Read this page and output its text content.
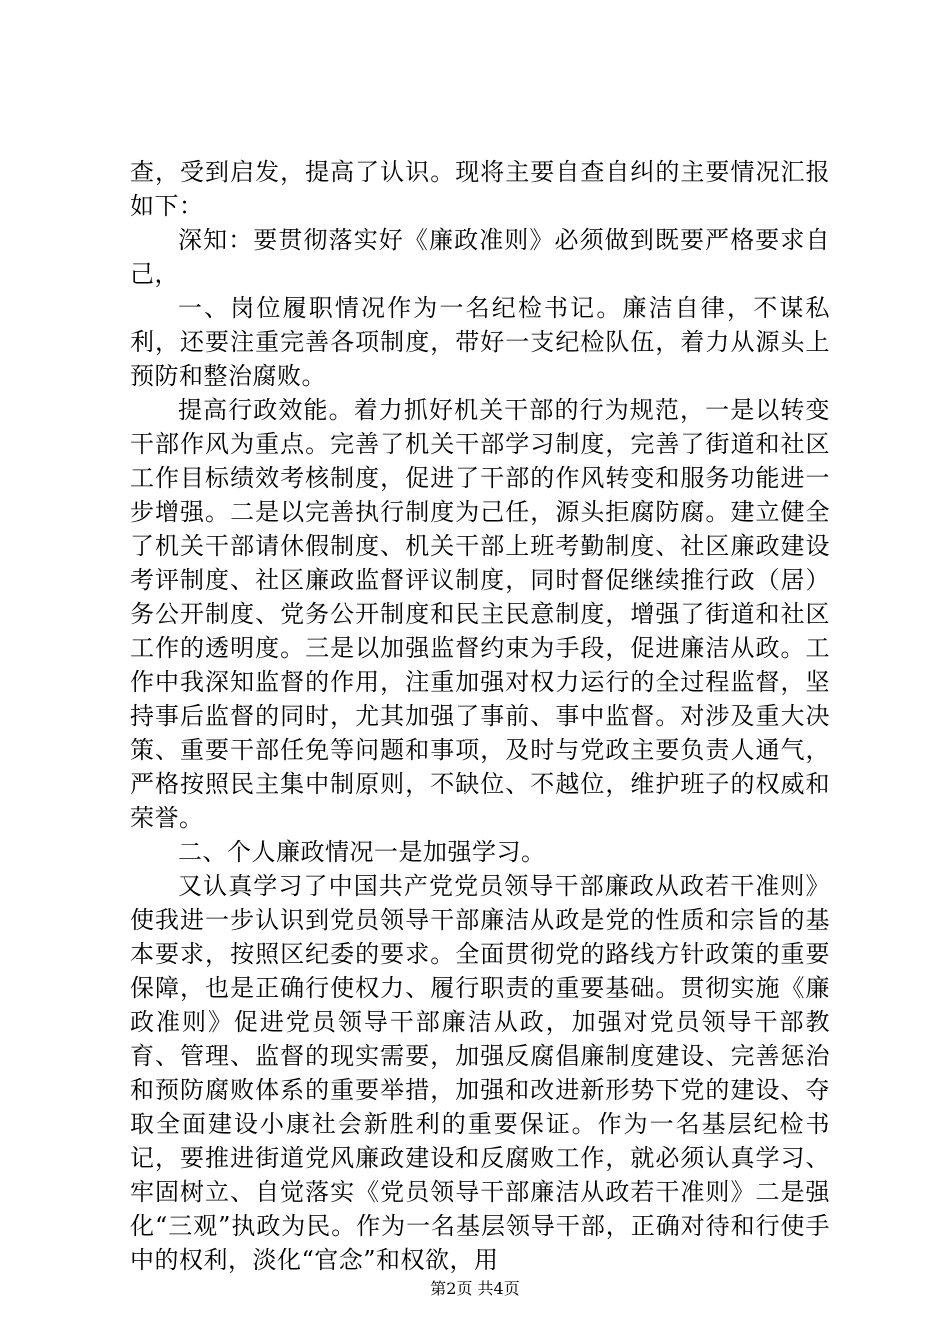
查，受到启发，提高了认识。现将主要自查自纠的主要情况汇报如下：

深知：要贯彻落实好《廉政准则》必须做到既要严格要求自己，

一、岗位履职情况作为一名纪检书记。廉洁自律，不谋私利，还要注重完善各项制度，带好一支纪检队伍，着力从源头上预防和整治腐败。

提高行政效能。着力抓好机关干部的行为规范，一是以转变干部作风为重点。完善了机关干部学习制度，完善了街道和社区工作目标绩效考核制度，促进了干部的作风转变和服务功能进一步增强。二是以完善执行制度为己任，源头拒腐防腐。建立健全了机关干部请休假制度、机关干部上班考勤制度、社区廉政建设考评制度、社区廉政监督评议制度，同时督促继续推行政（居）务公开制度、党务公开制度和民主民意制度，增强了街道和社区工作的透明度。三是以加强监督约束为手段，促进廉洁从政。工作中我深知监督的作用，注重加强对权力运行的全过程监督，坚持事后监督的同时，尤其加强了事前、事中监督。对涉及重大决策、重要干部任免等问题和事项，及时与党政主要负责人通气，严格按照民主集中制原则，不缺位、不越位，维护班子的权威和荣誉。

二、个人廉政情况一是加强学习。

又认真学习了中国共产党党员领导干部廉政从政若干准则》使我进一步认识到党员领导干部廉洁从政是党的性质和宗旨的基本要求，按照区纪委的要求。全面贯彻党的路线方针政策的重要保障，也是正确行使权力、履行职责的重要基础。贯彻实施《廉政准则》促进党员领导干部廉洁从政，加强对党员领导干部教育、管理、监督的现实需要，加强反腐倡廉制度建设、完善惩治和预防腐败体系的重要举措，加强和改进新形势下党的建设、夺取全面建设小康社会新胜利的重要保证。作为一名基层纪检书记，要推进街道党风廉政建设和反腐败工作，就必须认真学习、牢固树立、自觉落实《党员领导干部廉洁从政若干准则》二是强化“三观”执政为民。作为一名基层领导干部，正确对待和行使手中的权利，淡化“官念”和权欲，用

第2页 共4页
